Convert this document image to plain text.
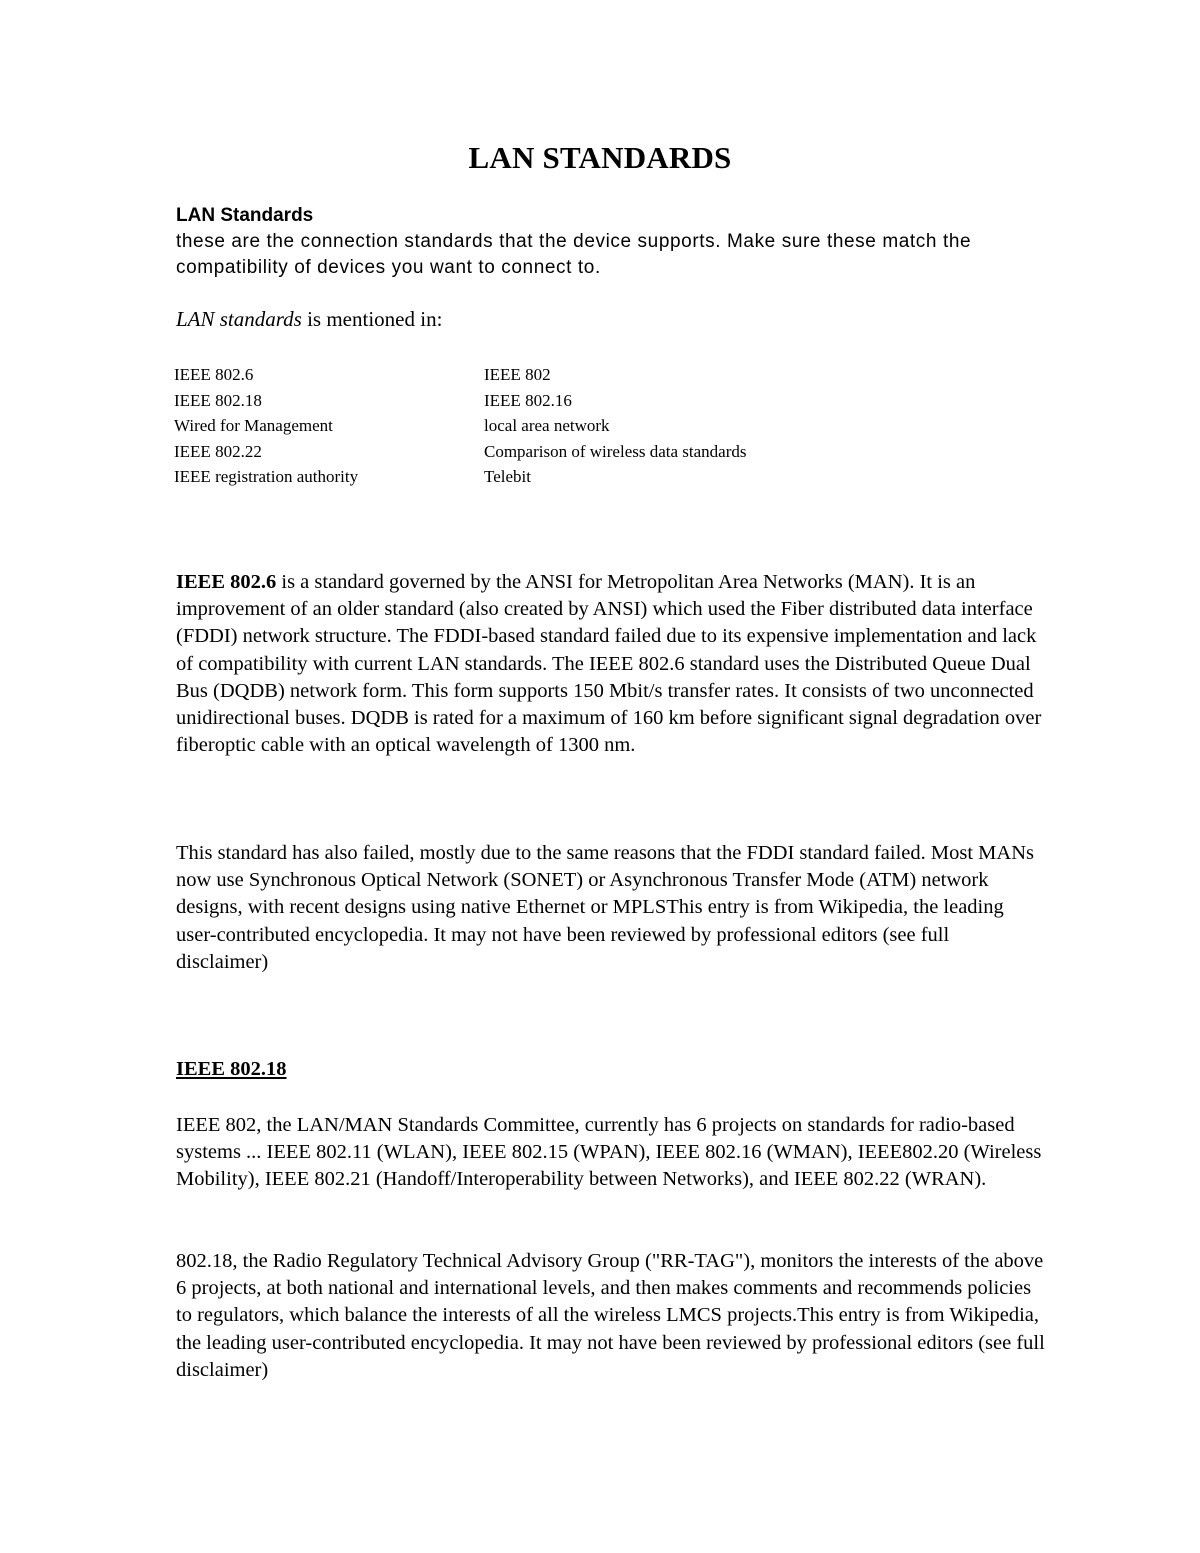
LAN STANDARDS

LAN Standards

these are the connection standards that the device supports. Make sure these match the compatibility of devices you want to connect to.

LAN standards is mentioned in:

IEEE 802.6
IEEE 802.18
Wired for Management
IEEE 802.22
IEEE registration authority
IEEE 802
IEEE 802.16
local area network
Comparison of wireless data standards
Telebit

IEEE 802.6 is a standard governed by the ANSI for Metropolitan Area Networks (MAN). It is an improvement of an older standard (also created by ANSI) which used the Fiber distributed data interface (FDDI) network structure. The FDDI-based standard failed due to its expensive implementation and lack of compatibility with current LAN standards. The IEEE 802.6 standard uses the Distributed Queue Dual Bus (DQDB) network form. This form supports 150 Mbit/s transfer rates. It consists of two unconnected unidirectional buses. DQDB is rated for a maximum of 160 km before significant signal degradation over fiberoptic cable with an optical wavelength of 1300 nm.

This standard has also failed, mostly due to the same reasons that the FDDI standard failed. Most MANs now use Synchronous Optical Network (SONET) or Asynchronous Transfer Mode (ATM) network designs, with recent designs using native Ethernet or MPLSThis entry is from Wikipedia, the leading user-contributed encyclopedia. It may not have been reviewed by professional editors (see full disclaimer)

IEEE 802.18

IEEE 802, the LAN/MAN Standards Committee, currently has 6 projects on standards for radio-based systems ... IEEE 802.11 (WLAN), IEEE 802.15 (WPAN), IEEE 802.16 (WMAN), IEEE802.20 (Wireless Mobility), IEEE 802.21 (Handoff/Interoperability between Networks), and IEEE 802.22 (WRAN).

802.18, the Radio Regulatory Technical Advisory Group ("RR-TAG"), monitors the interests of the above 6 projects, at both national and international levels, and then makes comments and recommends policies to regulators, which balance the interests of all the wireless LMCS projects.This entry is from Wikipedia, the leading user-contributed encyclopedia. It may not have been reviewed by professional editors (see full disclaimer)
